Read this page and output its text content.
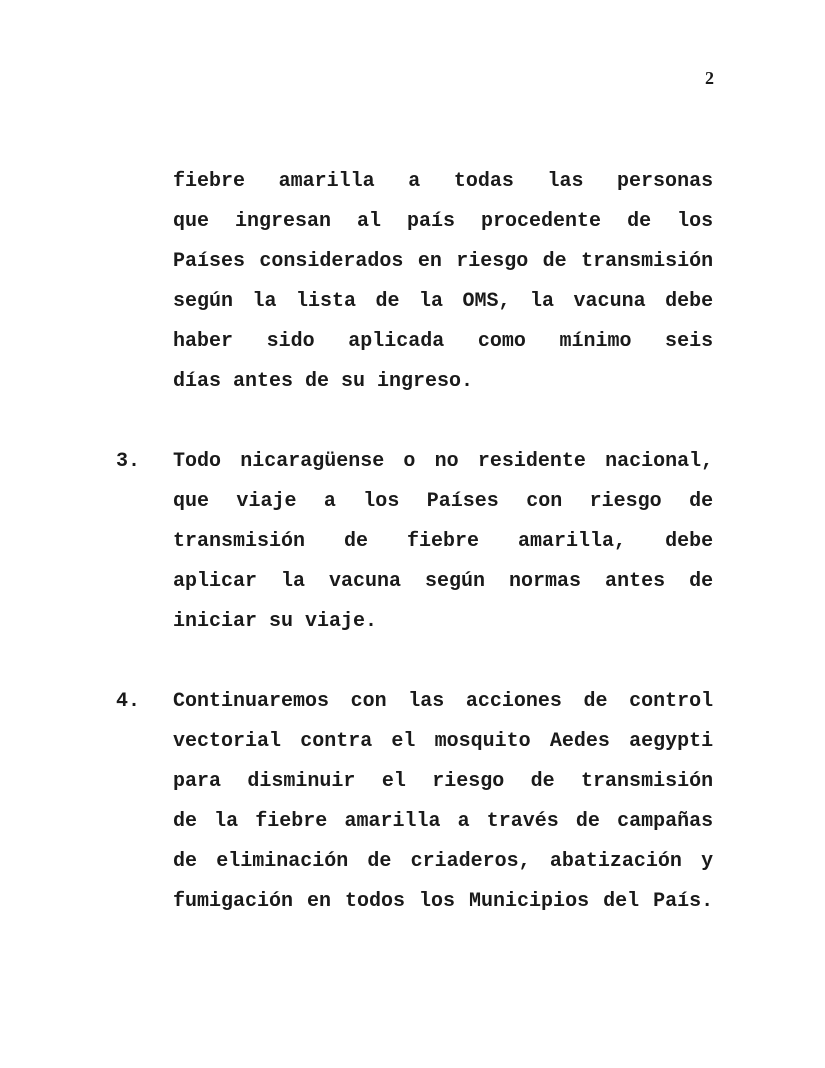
2
fiebre amarilla a todas las personas
que ingresan al país procedente de los
Países considerados en riesgo de transmisión
según la lista de la OMS, la vacuna debe
haber sido aplicada como mínimo seis
días antes de su ingreso.
3. Todo nicaragüense o no residente nacional,
que viaje a los Países con riesgo de
transmisión de fiebre amarilla, debe
aplicar la vacuna según normas antes de
iniciar su viaje.
4. Continuaremos con las acciones de control
vectorial contra el mosquito Aedes aegypti
para disminuir el riesgo de transmisión
de la fiebre amarilla a través de campañas
de eliminación de criaderos, abatización y
fumigación en todos los Municipios del País.
